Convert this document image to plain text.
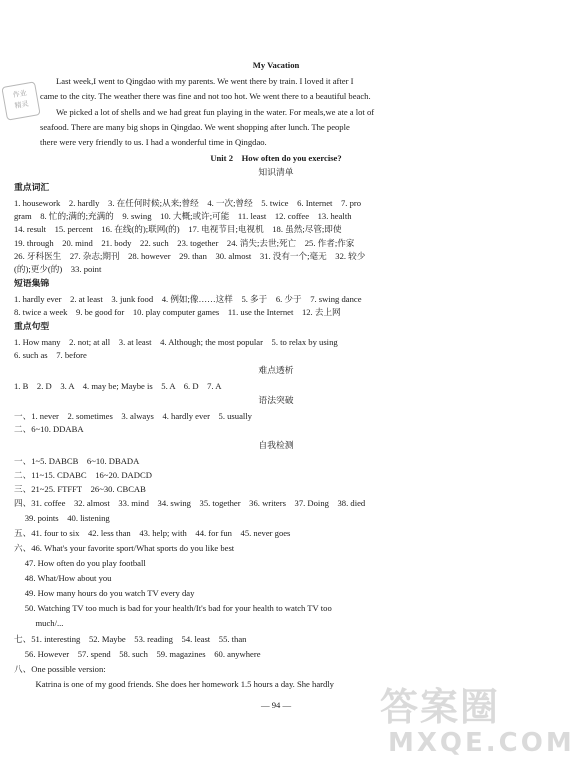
作业
精灵
My Vacation
Last week,I went to Qingdao with my parents. We went there by train. I loved it after I
came to the city. The weather there was fine and not too hot. We went there to a beautiful beach.
We picked a lot of shells and we had great fun playing in the water. For meals,we ate a lot of
seafood. There are many big shops in Qingdao. We went shopping after lunch. The people
there were very friendly to us. I had a wonderful time in Qingdao.
Unit 2    How often do you exercise?
知识清单
重点词汇
1. housework    2. hardly    3. 在任何时候;从来;曾经    4. 一次;曾经    5. twice    6. Internet    7. pro
gram    8. 忙的;满的;充满的    9. swing    10. 大概;或许;可能    11. least    12. coffee    13. health
14. result    15. percent    16. 在线(的);联网(的)    17. 电视节目;电视机    18. 虽然;尽管;即使
19. through    20. mind    21. body    22. such    23. together    24. 消失;去世;死亡    25. 作者;作家
26. 牙科医生    27. 杂志;期刊    28. however    29. than    30. almost    31. 没有一个;毫无    32. 较少
(的);更少(的)    33. point
短语集锦
1. hardly ever    2. at least    3. junk food    4. 例如;像……这样    5. 多于    6. 少于    7. swing dance
8. twice a week    9. be good for    10. play computer games    11. use the Internet    12. 去上网
重点句型
1. How many    2. not; at all    3. at least    4. Although; the most popular    5. to relax by using
6. such as    7. before
难点透析
1. B    2. D    3. A    4. may be; Maybe is    5. A    6. D    7. A
语法突破
一、1. never    2. sometimes    3. always    4. hardly ever    5. usually
二、6~10. DDABA
自我检测
一、1~5. DABCB    6~10. DBADA
二、11~15. CDABC    16~20. DADCD
三、21~25. FTFFT    26~30. CBCAB
四、31. coffee    32. almost    33. mind    34. swing    35. together    36. writers    37. Doing    38. died
39. points    40. listening
五、41. four to six    42. less than    43. help; with    44. for fun    45. never goes
六、46. What's your favorite sport/What sports do you like best
47. How often do you play football
48. What/How about you
49. How many hours do you watch TV every day
50. Watching TV too much is bad for your health/It's bad for your health to watch TV too
much/...
七、51. interesting    52. Maybe    53. reading    54. least    55. than
56. However    57. spend    58. such    59. magazines    60. anywhere
八、One possible version:
Katrina is one of my good friends. She does her homework 1.5 hours a day. She hardly
— 94 —	答案圈
MXQE.COM
